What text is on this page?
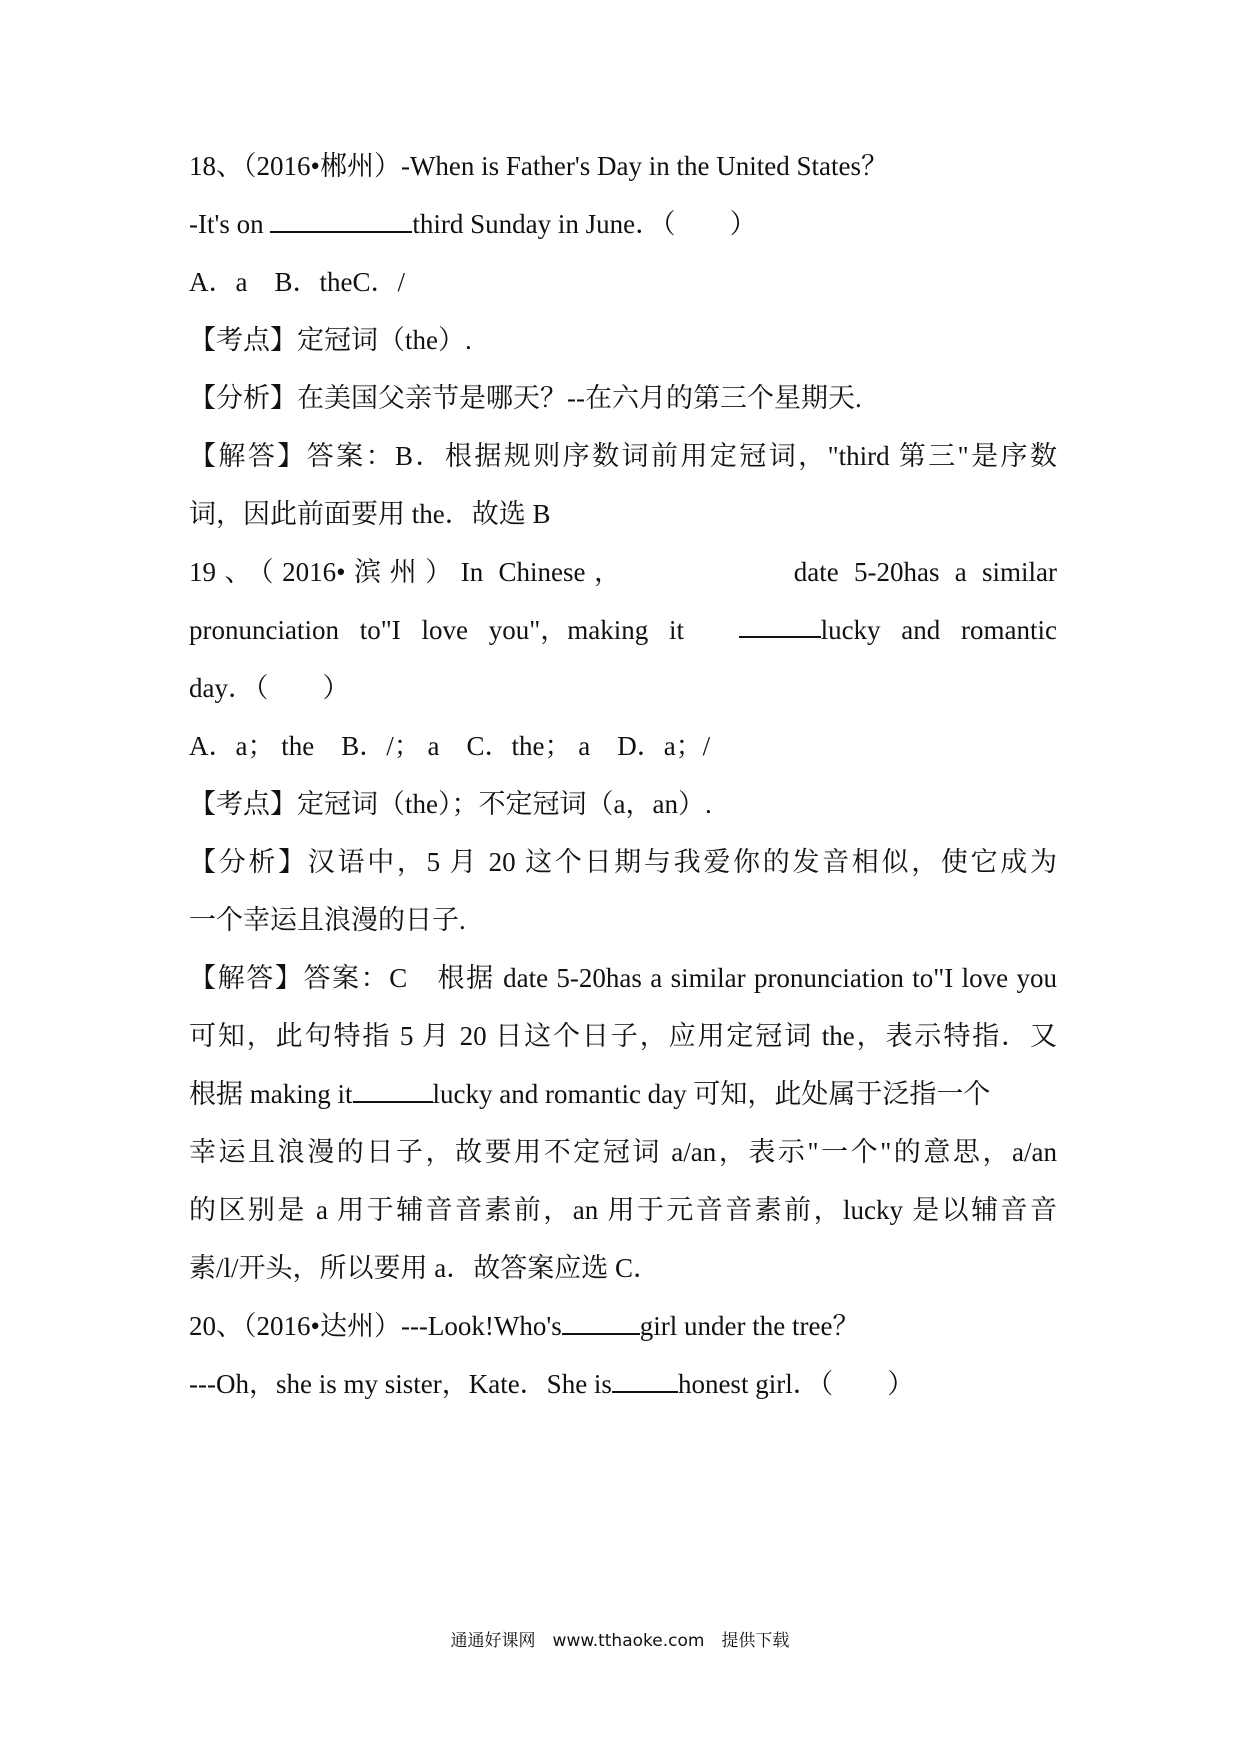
18、（2016•郴州）-When is Father's Day in the United States？
-It's on	third Sunday in June．（　　）
A．a　B．theC．/
【考点】定冠词（the）.
【分析】在美国父亲节是哪天？--在六月的第三个星期天.
【解答】答案：B．根据规则序数词前用定冠词，"third 第三"是序数
词，因此前面要用 the．故选 B
19、（2016•滨州）In Chinese，　　　　　date 5-20has a similar
pronunciation to"I love you"，making it	lucky and romantic
day．（　　）
A．a； the　B．/； a　C．the； a　D．a；/
【考点】定冠词（the）；不定冠词（a，an）.
【分析】汉语中，5 月 20 这个日期与我爱你的发音相似，使它成为
一个幸运且浪漫的日子.
【解答】答案：C　根据 date 5-20has a similar pronunciation to"I love you
可知，此句特指 5 月 20 日这个日子，应用定冠词 the，表示特指．又
根据 making it	lucky and romantic day 可知，此处属于泛指一个
幸运且浪漫的日子，故要用不定冠词 a/an，表示"一个"的意思，a/an
的区别是 a 用于辅音音素前，an 用于元音音素前，lucky 是以辅音音
素/l/开头，所以要用 a．故答案应选 C．
20、（2016•达州）---Look!Who's	girl under the tree？
---Oh，she is my sister，Kate．She is honest girl．（　　）
通通好课网　www.tthaoke.com　提供下载
